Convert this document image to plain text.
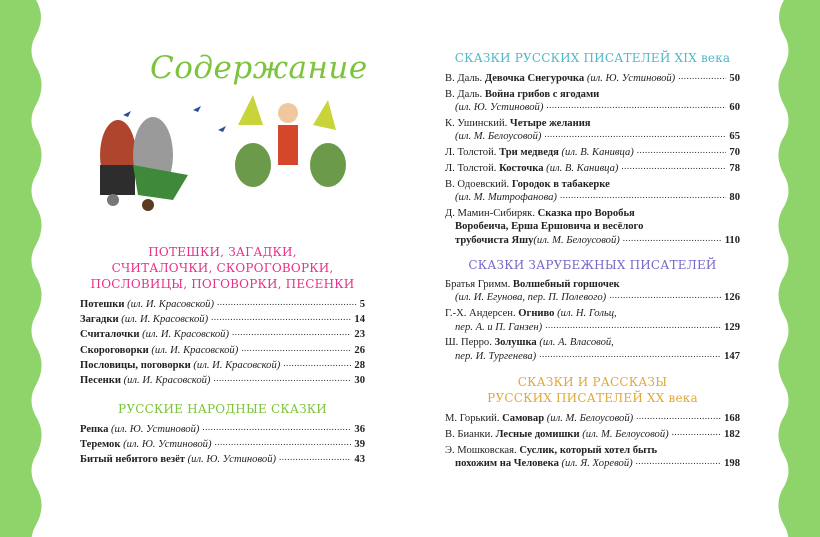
Содержание
ПОТЕШКИ, ЗАГАДКИ,
СЧИТАЛОЧКИ, СКОРОГОВОРКИ,
ПОСЛОВИЦЫ, ПОГОВОРКИ, ПЕСЕНКИ
Потешки (ил. И. Красовской) .....	5
Загадки (ил. И. Красовской) .....	14
Считалочки (ил. И. Красовской) .....	23
Скороговорки (ил. И. Красовской) .....	26
Пословицы, поговорки (ил. И. Красовской) .....	28
Песенки (ил. И. Красовской) .....	30
РУССКИЕ НАРОДНЫЕ СКАЗКИ
Репка (ил. Ю. Устиновой) .....	36
Теремок (ил. Ю. Устиновой) .....	39
Битый небитого везёт (ил. Ю. Устиновой) .....	43
СКАЗКИ РУССКИХ ПИСАТЕЛЕЙ XIX века
В. Даль. Девочка Снегурочка (ил. Ю. Устиновой) .....	50
В. Даль. Война грибов с ягодами
(ил. Ю. Устиновой) .....	60
К. Ушинский. Четыре желания
(ил. М. Белоусовой) .....	65
Л. Толстой. Три медведя (ил. В. Канивца) .....	70
Л. Толстой. Косточка (ил. В. Канивца) .....	78
В. Одоевский. Городок в табакерке
(ил. М. Митрофанова) .....	80
Д. Мамин-Сибиряк. Сказка про Воробья
Воробеича, Ерша Ершовича и весёлого
трубочиста Яшу (ил. М. Белоусовой) .....	110
СКАЗКИ ЗАРУБЕЖНЫХ ПИСАТЕЛЕЙ
Братья Гримм. Волшебный горшочек
(ил. И. Егунова, пер. П. Полевого) .....	126
Г.-Х. Андерсен. Огниво (ил. Н. Гольц,
пер. А. и П. Ганзен) .....	129
Ш. Перро. Золушка (ил. А. Власовой,
пер. И. Тургенева) .....	147
СКАЗКИ И РАССКАЗЫ
РУССКИХ ПИСАТЕЛЕЙ XX века
М. Горький. Самовар (ил. М. Белоусовой) .....	168
В. Бианки. Лесные домишки (ил. М. Белоусовой) .....	182
Э. Мошковская. Суслик, который хотел быть
похожим на Человека (ил. Я. Хоревой) .....	198
